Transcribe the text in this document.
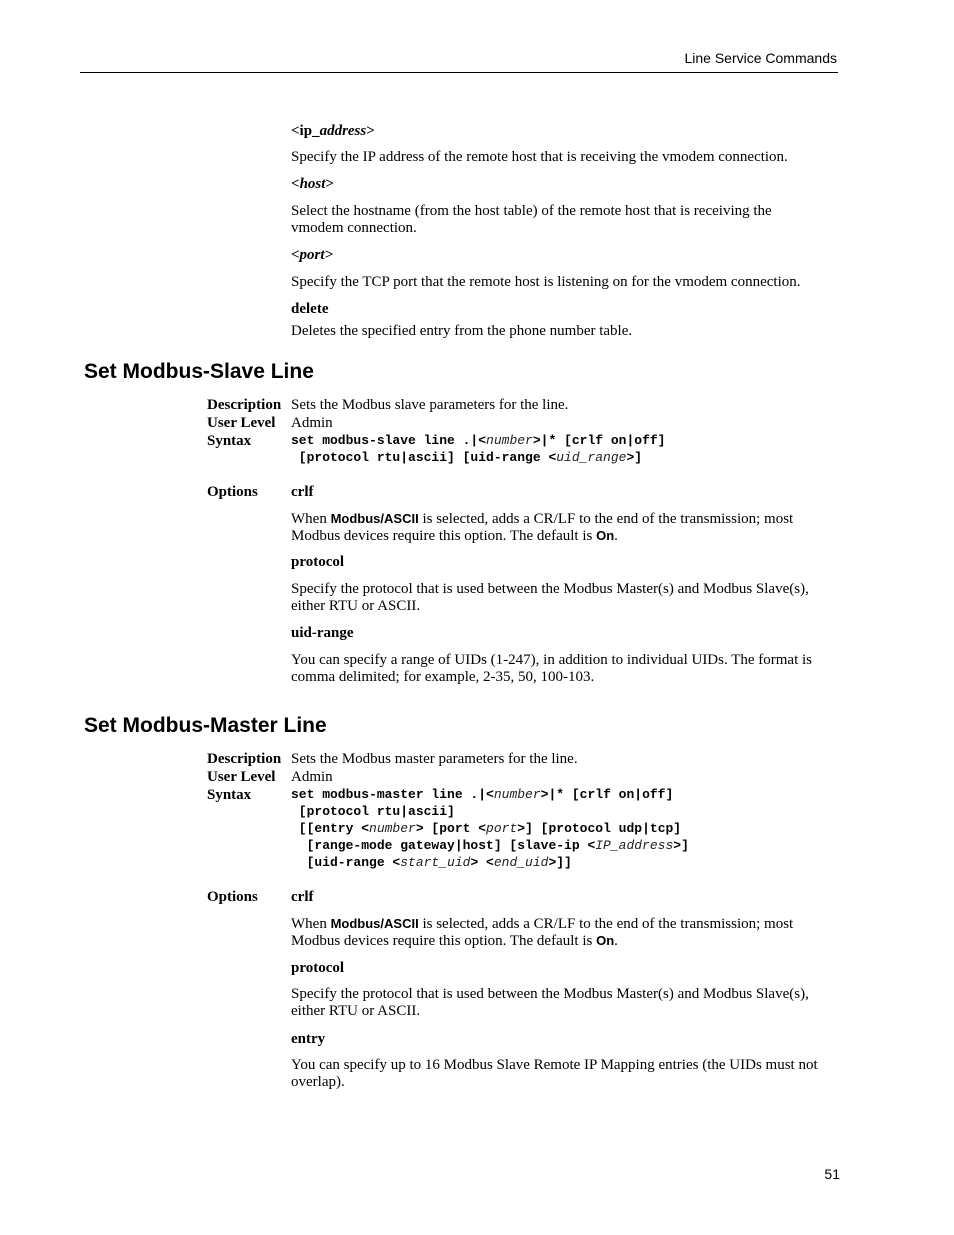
Line Service Commands
<ip_address>
Specify the IP address of the remote host that is receiving the vmodem connection.
<host>
Select the hostname (from the host table) of the remote host that is receiving the
vmodem connection.
<port>
Specify the TCP port that the remote host is listening on for the vmodem connection.
delete
Deletes the specified entry from the phone number table.
Set Modbus-Slave Line
Description Sets the Modbus slave parameters for the line.
User Level Admin
Syntax	set modbus-slave line .|<number>|* [crlf on|off]
[protocol rtu|ascii] [uid-range <uid_range>]
Options crlf
When Modbus/ASCII is selected, adds a CR/LF to the end of the transmission; most
Modbus devices require this option. The default is On.
protocol
Specify the protocol that is used between the Modbus Master(s) and Modbus Slave(s),
either RTU or ASCII.
uid-range
You can specify a range of UIDs (1-247), in addition to individual UIDs. The format is
comma delimited; for example, 2-35, 50, 100-103.
Set Modbus-Master Line
Description Sets the Modbus master parameters for the line.
User Level Admin
Syntax	set modbus-master line .|<number>|* [crlf on|off]
[protocol rtu|ascii]
[[entry <number> [port <port>] [protocol udp|tcp]
[range-mode gateway|host] [slave-ip <IP_address>]
[uid-range <start_uid> <end_uid>]]
Options crlf
When Modbus/ASCII is selected, adds a CR/LF to the end of the transmission; most
Modbus devices require this option. The default is On.
protocol
Specify the protocol that is used between the Modbus Master(s) and Modbus Slave(s),
either RTU or ASCII.
entry
You can specify up to 16 Modbus Slave Remote IP Mapping entries (the UIDs must not
overlap).
51
